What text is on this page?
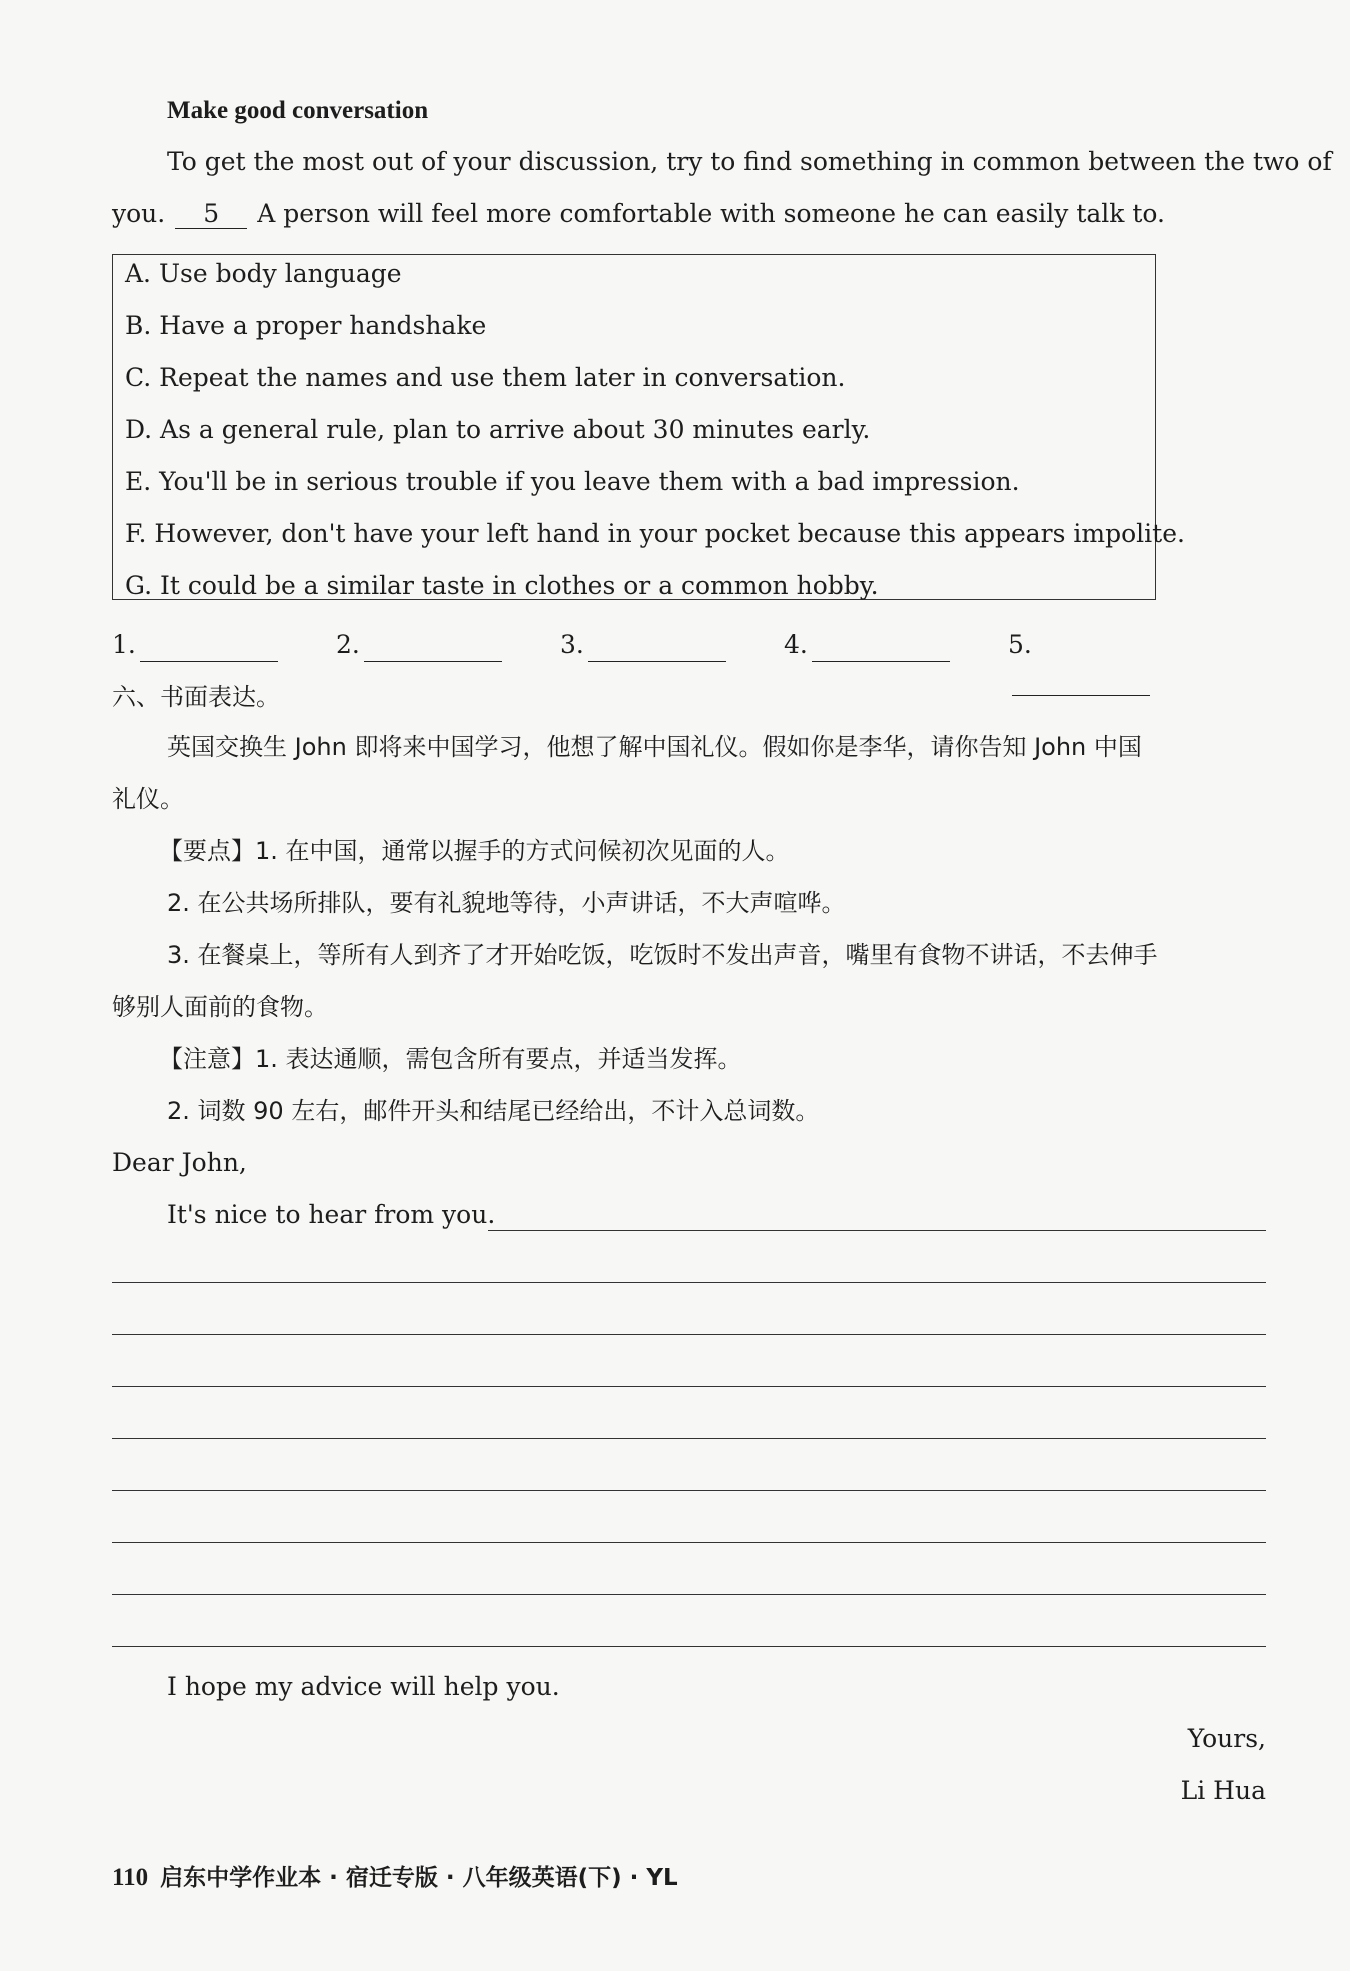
Make good conversation
To get the most out of your discussion, try to find something in common between the two of
you. 5 A person will feel more comfortable with someone he can easily talk to.
A. Use body language
B. Have a proper handshake
C. Repeat the names and use them later in conversation.
D. As a general rule, plan to arrive about 30 minutes early.
E. You'll be in serious trouble if you leave them with a bad impression.
F. However, don't have your left hand in your pocket because this appears impolite.
G. It could be a similar taste in clothes or a common hobby.
1.	2.	3.	4.	5.
六、书面表达。
英国交换生 John 即将来中国学习，他想了解中国礼仪。假如你是李华，请你告知 John 中国
礼仪。
【要点】1. 在中国，通常以握手的方式问候初次见面的人。
2. 在公共场所排队，要有礼貌地等待，小声讲话，不大声喧哗。
3. 在餐桌上，等所有人到齐了才开始吃饭，吃饭时不发出声音，嘴里有食物不讲话，不去伸手
够别人面前的食物。
【注意】1. 表达通顺，需包含所有要点，并适当发挥。
2. 词数 90 左右，邮件开头和结尾已经给出，不计入总词数。
Dear John,
It's nice to hear from you.
I hope my advice will help you.
Yours,
Li Hua
110 启东中学作业本 · 宿迁专版 · 八年级英语(下) · YL
